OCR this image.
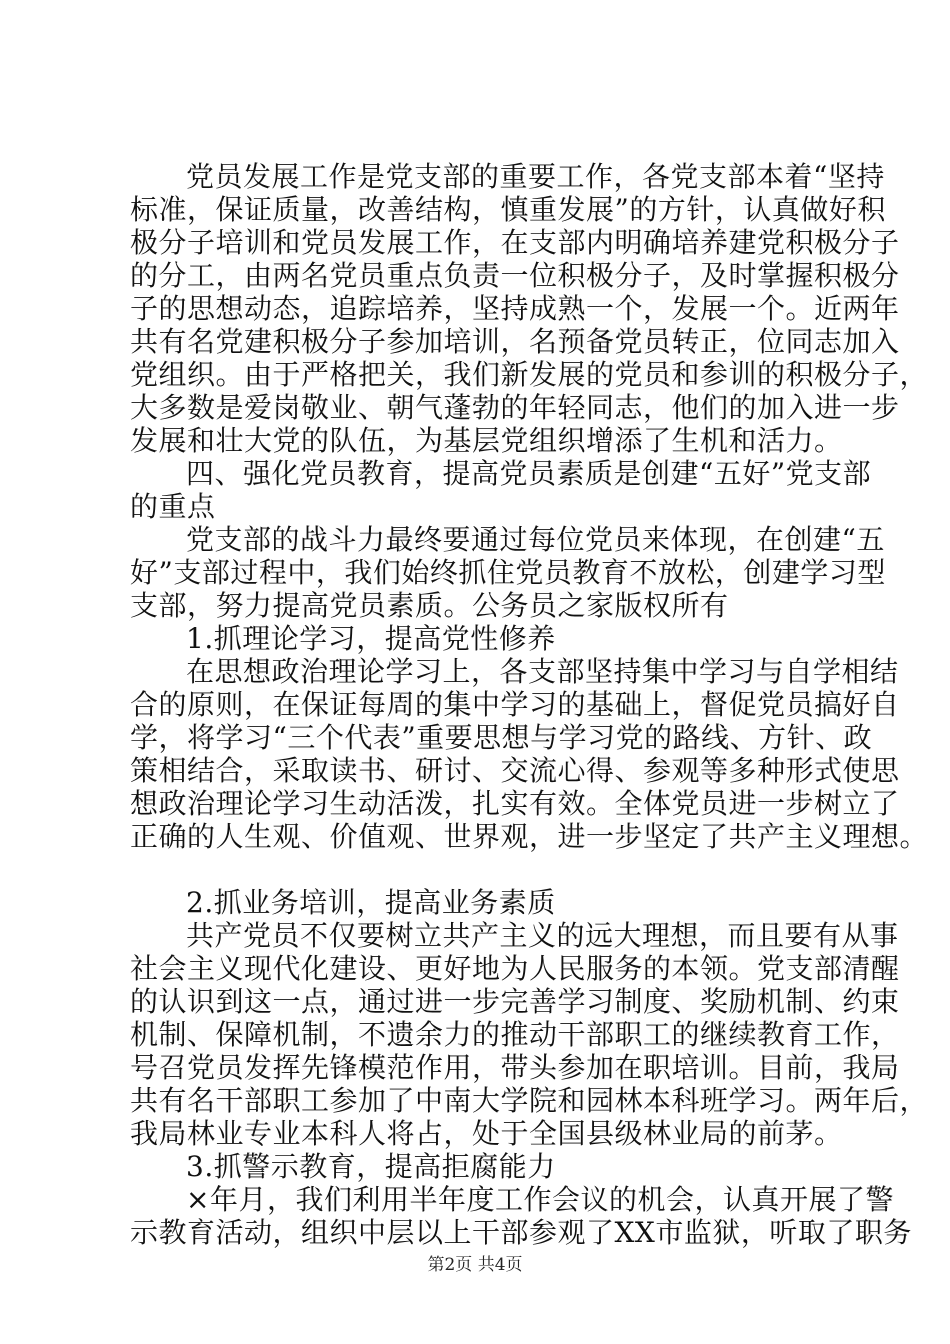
党员发展工作是党支部的重要工作，各党支部本着“坚持
标准，保证质量，改善结构，慎重发展”的方针，认真做好积
极分子培训和党员发展工作，在支部内明确培养建党积极分子
的分工，由两名党员重点负责一位积极分子，及时掌握积极分
子的思想动态，追踪培养，坚持成熟一个，发展一个。近两年
共有名党建积极分子参加培训，名预备党员转正，位同志加入
党组织。由于严格把关，我们新发展的党员和参训的积极分子，
大多数是爱岗敬业、朝气蓬勃的年轻同志，他们的加入进一步
发展和壮大党的队伍，为基层党组织增添了生机和活力。
四、强化党员教育，提高党员素质是创建“五好”党支部
的重点
党支部的战斗力最终要通过每位党员来体现，在创建“五
好”支部过程中，我们始终抓住党员教育不放松，创建学习型
支部，努力提高党员素质。公务员之家版权所有
1.抓理论学习，提高党性修养
在思想政治理论学习上，各支部坚持集中学习与自学相结
合的原则，在保证每周的集中学习的基础上，督促党员搞好自
学，将学习“三个代表”重要思想与学习党的路线、方针、政
策相结合，采取读书、研讨、交流心得、参观等多种形式使思
想政治理论学习生动活泼，扎实有效。全体党员进一步树立了
正确的人生观、价值观、世界观，进一步坚定了共产主义理想。
2.抓业务培训，提高业务素质
共产党员不仅要树立共产主义的远大理想，而且要有从事
社会主义现代化建设、更好地为人民服务的本领。党支部清醒
的认识到这一点，通过进一步完善学习制度、奖励机制、约束
机制、保障机制，不遗余力的推动干部职工的继续教育工作，
号召党员发挥先锋模范作用，带头参加在职培训。目前，我局
共有名干部职工参加了中南大学院和园林本科班学习。两年后，
我局林业专业本科人将占，处于全国县级林业局的前茅。
3.抓警示教育，提高拒腐能力
×年月，我们利用半年度工作会议的机会，认真开展了警
示教育活动，组织中层以上干部参观了XX市监狱，听取了职务
第2页 共4页
